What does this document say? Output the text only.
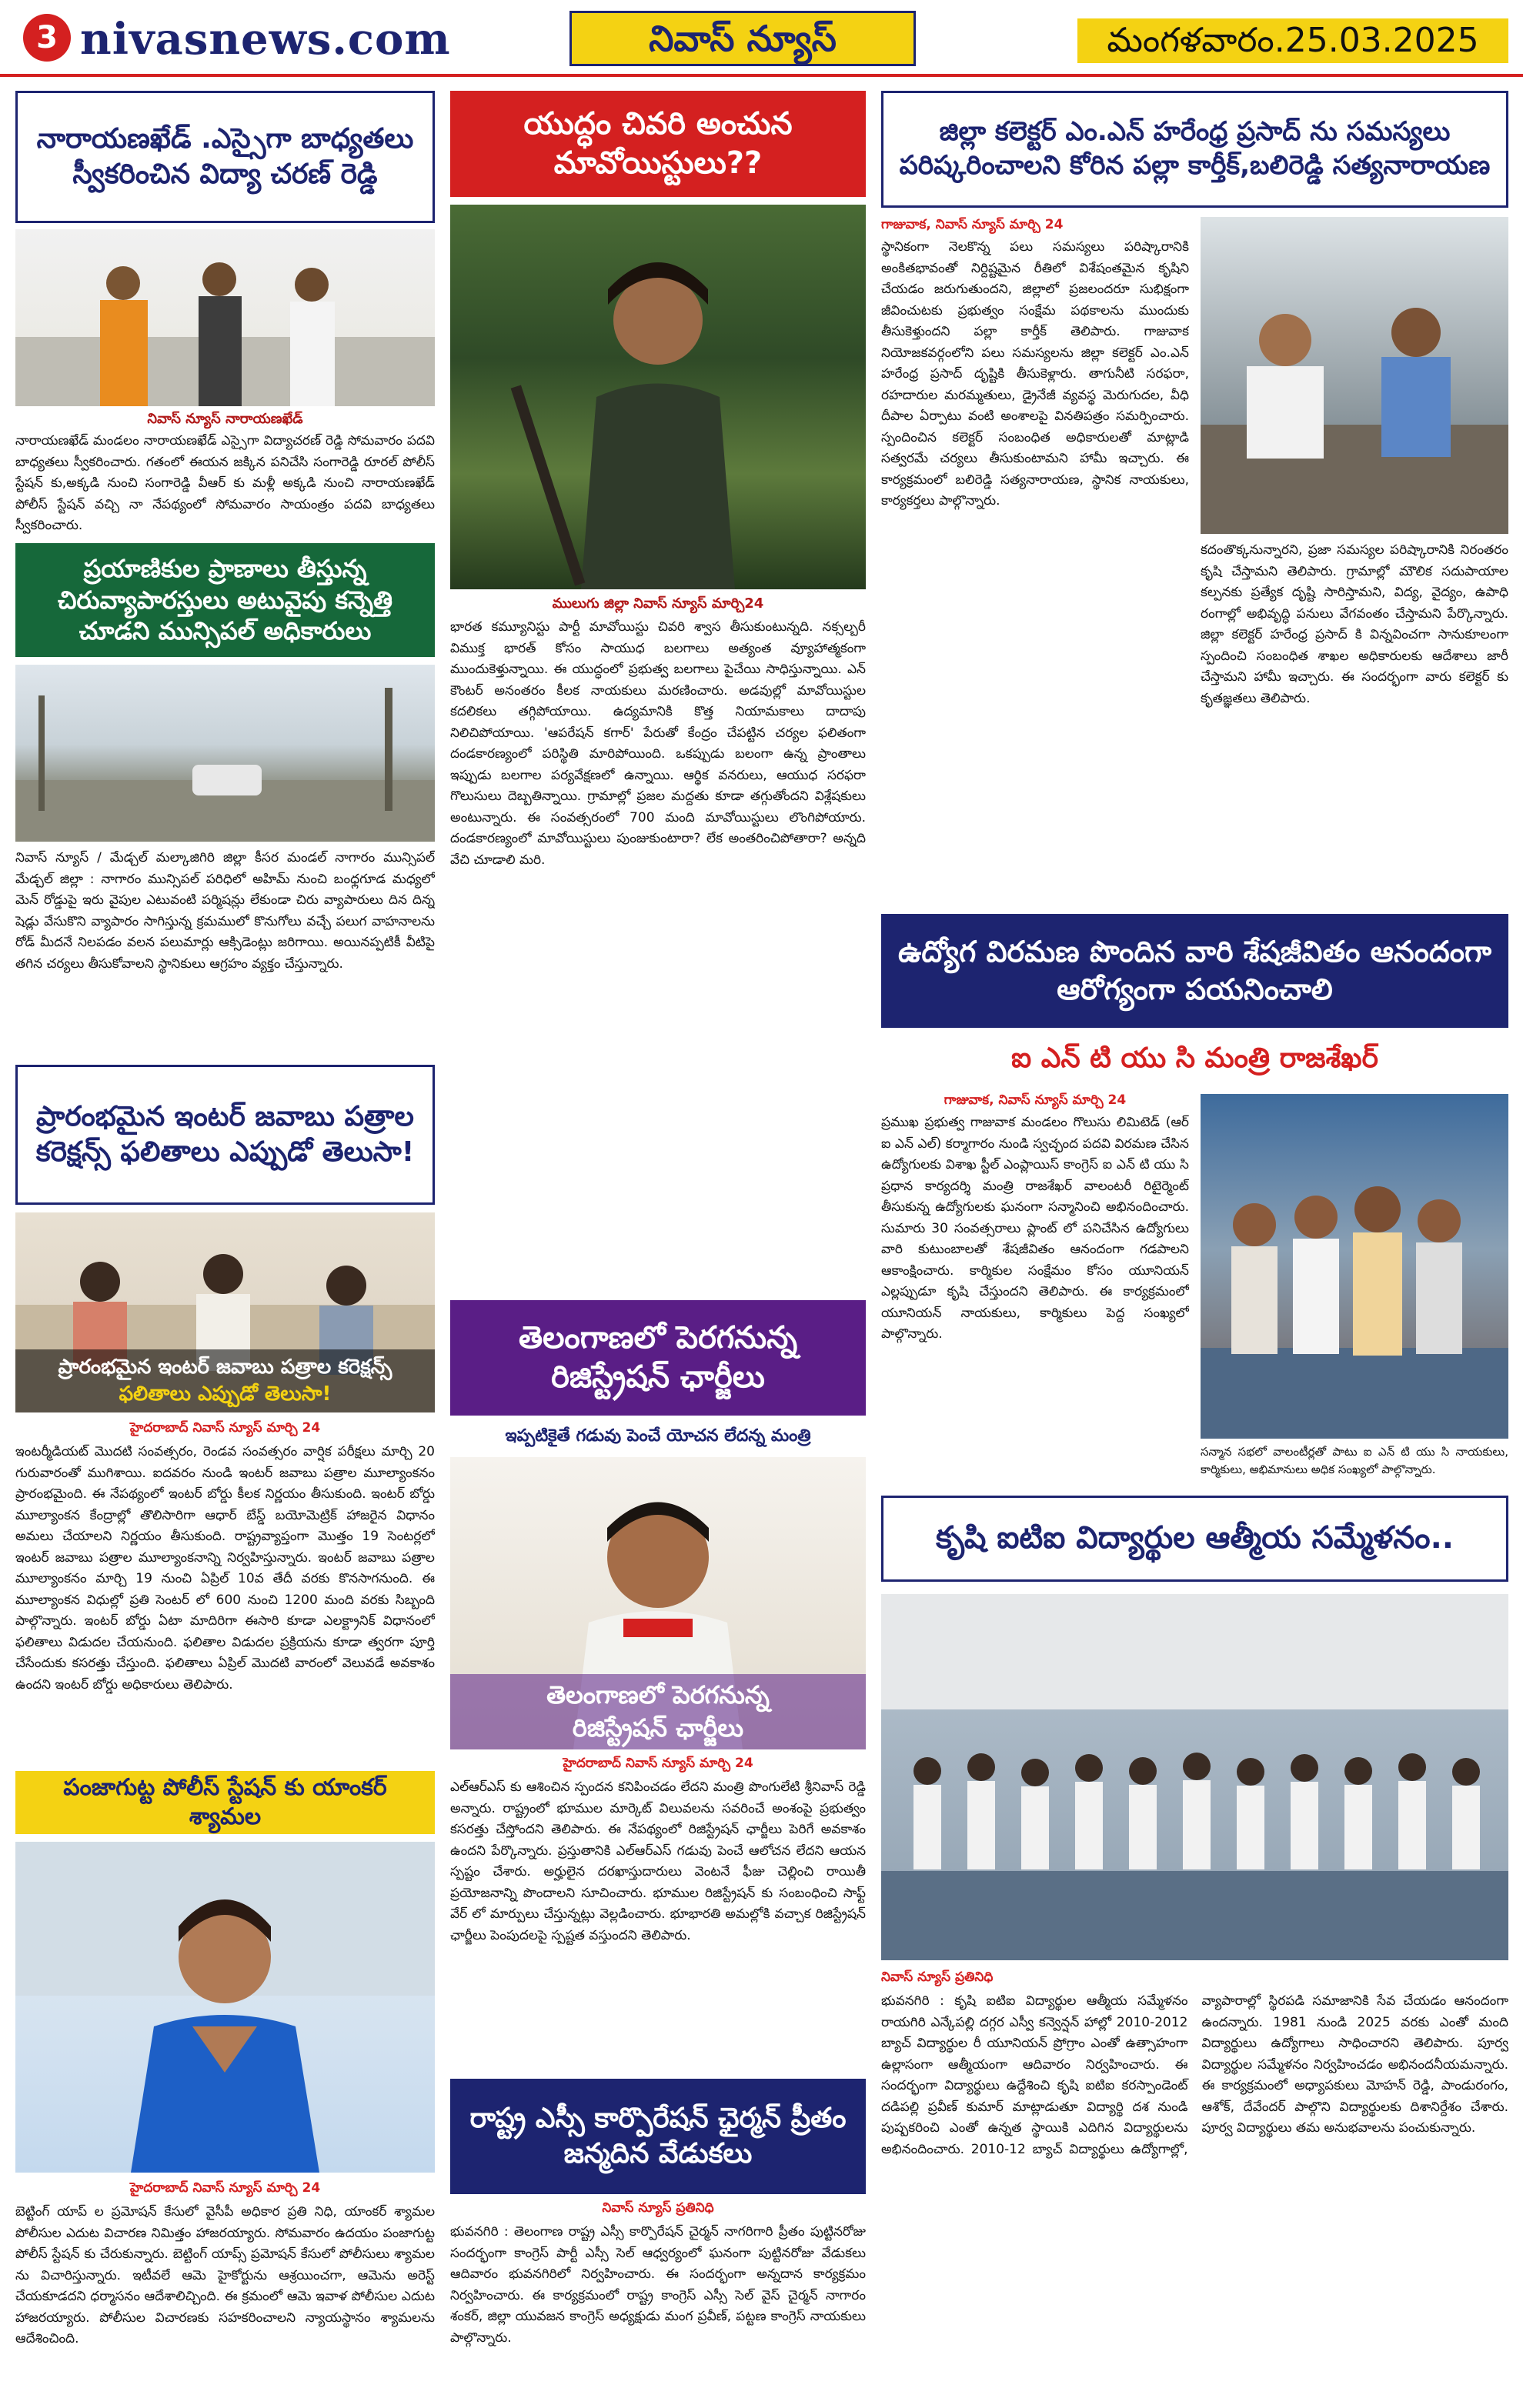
3 nivasnews.com	నివాస్ న్యూస్	మంగళవారం.25.03.2025
నారాయణఖేడ్ .ఎస్సైగా బాధ్యతలు స్వీకరించిన విద్యా చరణ్ రెడ్డి
నివాస్ న్యూస్ నారాయణఖేడ్
నారాయణఖేడ్ మండలం నారాయణఖేడ్ ఎస్సైగా విద్యాచరణ్ రెడ్డి సోమవారం పదవి బాధ్యతలు స్వీకరించారు. గతంలో ఈయన జక్కిన పనిచేసి సంగారెడ్డి రూరల్ పోలీస్ స్టేషన్ కు,అక్కడి నుంచి సంగారెడ్డి వీఆర్ కు మళ్లీ అక్కడి నుంచి నారాయణఖేడ్ పోలీస్ స్టేషన్ వచ్చి నా నేపథ్యంలో సోమవారం సాయంత్రం పదవి బాధ్యతలు స్వీకరించారు.
ప్రయాణికుల ప్రాణాలు తీస్తున్న చిరువ్యాపారస్తులు అటువైపు కన్నెత్తి చూడని మున్సిపల్ అధికారులు
నివాస్ న్యూస్ / మేడ్చల్ మల్కాజిగిరి జిల్లా కీసర మండల్ నాగారం మున్సిపల్ మేడ్చల్ జిల్లా : నాగారం మున్సిపల్ పరిధిలో అహిమ్ నుంచి బంధ్లగూడ మధ్యలో మెన్ రోడ్డుపై ఇరు వైపుల ఎటువంటి పర్మిషన్లు లేకుండా చిరు వ్యాపారులు దిన దిన్న షెడ్లు వేసుకొని వ్యాపారం సాగిస్తున్న క్రమములో కొనుగోలు వచ్చే పలుగ వాహనాలను రోడ్ మీదనే నిలపడం వలన పలుమార్లు ఆక్సిడెంట్లు జరిగాయి. అయినప్పటికీ వీటిపై తగిన చర్యలు తీసుకోవాలని స్థానికులు ఆగ్రహం వ్యక్తం చేస్తున్నారు.
ప్రారంభమైన ఇంటర్ జవాబు పత్రాల కరెక్షన్స్ ఫలితాలు ఎప్పుడో తెలుసా!
ప్రారంభమైన ఇంటర్ జవాబు పత్రాల కరెక్షన్స్
ఫలితాలు ఎప్పుడో తెలుసా!
హైదరాబాద్ నివాస్ న్యూస్ మార్చి 24
ఇంటర్మీడియట్ మొదటి సంవత్సరం, రెండవ సంవత్సరం వార్షిక పరీక్షలు మార్చి 20 గురువారంతో ముగిశాయి. ఐదవరం నుండి ఇంటర్ జవాబు పత్రాల మూల్యాంకనం ప్రారంభమైంది. ఈ నేపథ్యంలో ఇంటర్ బోర్డు కీలక నిర్ణయం తీసుకుంది. ఇంటర్ బోర్డు మూల్యాంకన కేంద్రాల్లో తొలిసారిగా ఆధార్ బేస్డ్ బయోమెట్రిక్ హాజరైన విధానం అమలు చేయాలని నిర్ణయం తీసుకుంది. రాష్ట్రవ్యాప్తంగా మొత్తం 19 సెంటర్లలో ఇంటర్ జవాబు పత్రాల మూల్యాంకనాన్ని నిర్వహిస్తున్నారు. ఇంటర్ జవాబు పత్రాల మూల్యాంకనం మార్చి 19 నుంచి ఏప్రిల్ 10వ తేదీ వరకు కొనసాగనుంది. ఈ మూల్యాంకన విధుల్లో ప్రతి సెంటర్ లో 600 నుంచి 1200 మంది వరకు సిబ్బంది పాల్గొన్నారు. ఇంటర్ బోర్డు ఏటా మాదిరిగా ఈసారి కూడా ఎలక్ట్రానిక్ విధానంలో ఫలితాలు విడుదల చేయనుంది. ఫలితాల విడుదల ప్రక్రియను కూడా త్వరగా పూర్తి చేసేందుకు కసరత్తు చేస్తుంది. ఫలితాలు ఏప్రిల్ మొదటి వారంలో వెలువడే అవకాశం ఉందని ఇంటర్ బోర్డు అధికారులు తెలిపారు.
పంజాగుట్ట పోలీస్ స్టేషన్ కు యాంకర్ శ్యామల
హైదరాబాద్ నివాస్ న్యూస్ మార్చి 24
బెట్టింగ్ యాప్ ల ప్రమోషన్ కేసులో వైసీపీ అధికార ప్రతి నిధి, యాంకర్ శ్యామల పోలీసుల ఎదుట విచారణ నిమిత్తం హాజరయ్యారు. సోమవారం ఉదయం పంజాగుట్ట పోలీస్ స్టేషన్ కు చేరుకున్నారు. బెట్టింగ్ యాప్స్ ప్రమోషన్ కేసులో పోలీసులు శ్యామల ను విచారిస్తున్నారు. ఇటీవలే ఆమె హైకోర్టును ఆశ్రయించగా, ఆమెను అరెస్ట్ చేయకూడదని ధర్మాసనం ఆదేశాలిచ్చింది. ఈ క్రమంలో ఆమె ఇవాళ పోలీసుల ఎదుట హాజరయ్యారు. పోలీసుల విచారణకు సహకరించాలని న్యాయస్థానం శ్యామలను ఆదేశించింది.
యుద్ధం చివరి అంచున మావోయిస్టులు??
ములుగు జిల్లా నివాస్ న్యూస్ మార్చి24
భారత కమ్యూనిస్టు పార్టీ మావోయిస్టు చివరి శ్వాస తీసుకుంటున్నది. నక్సల్బరీ విముక్త భారత్ కోసం సాయుధ బలగాలు అత్యంత వ్యూహాత్మకంగా ముందుకెళ్తున్నాయి. ఈ యుద్ధంలో ప్రభుత్వ బలగాలు పైచేయి సాధిస్తున్నాయి. ఎన్ కౌంటర్ అనంతరం కీలక నాయకులు మరణించారు. అడవుల్లో మావోయిస్టుల కదలికలు తగ్గిపోయాయి. ఉద్యమానికి కొత్త నియామకాలు దాదాపు నిలిచిపోయాయి. 'ఆపరేషన్ కగార్' పేరుతో కేంద్రం చేపట్టిన చర్యల ఫలితంగా దండకారణ్యంలో పరిస్థితి మారిపోయింది. ఒకప్పుడు బలంగా ఉన్న ప్రాంతాలు ఇప్పుడు బలగాల పర్యవేక్షణలో ఉన్నాయి. ఆర్థిక వనరులు, ఆయుధ సరఫరా గొలుసులు దెబ్బతిన్నాయి. గ్రామాల్లో ప్రజల మద్దతు కూడా తగ్గుతోందని విశ్లేషకులు అంటున్నారు. ఈ సంవత్సరంలో 700 మంది మావోయిస్టులు లొంగిపోయారు. దండకారణ్యంలో మావోయిస్టులు పుంజుకుంటారా? లేక అంతరించిపోతారా? అన్నది వేచి చూడాలి మరి.
తెలంగాణలో పెరగనున్న రిజిస్ట్రేషన్ ఛార్జీలు
ఇప్పటికైతే గడువు పెంచే యోచన లేదన్న మంత్రి
తెలంగాణలో పెరగనున్న
రిజిస్ట్రేషన్ ఛార్జీలు
హైదరాబాద్ నివాస్ న్యూస్ మార్చి 24
ఎల్ఆర్ఎస్ కు ఆశించిన స్పందన కనిపించడం లేదని మంత్రి పొంగులేటి శ్రీనివాస్ రెడ్డి అన్నారు. రాష్ట్రంలో భూముల మార్కెట్ విలువలను సవరించే అంశంపై ప్రభుత్వం కసరత్తు చేస్తోందని తెలిపారు. ఈ నేపథ్యంలో రిజిస్ట్రేషన్ ఛార్జీలు పెరిగే అవకాశం ఉందని పేర్కొన్నారు. ప్రస్తుతానికి ఎల్ఆర్ఎస్ గడువు పెంచే ఆలోచన లేదని ఆయన స్పష్టం చేశారు. అర్హులైన దరఖాస్తుదారులు వెంటనే ఫీజు చెల్లించి రాయితీ ప్రయోజనాన్ని పొందాలని సూచించారు. భూముల రిజిస్ట్రేషన్ కు సంబంధించి సాఫ్ట్ వేర్ లో మార్పులు చేస్తున్నట్లు వెల్లడించారు. భూభారతి అమల్లోకి వచ్చాక రిజిస్ట్రేషన్ ఛార్జీలు పెంపుదలపై స్పష్టత వస్తుందని తెలిపారు.
రాష్ట్ర ఎస్సీ కార్పొరేషన్ ఛైర్మన్ ప్రీతం జన్మదిన వేడుకలు
నివాస్ న్యూస్ ప్రతినిధి
భువనగిరి : తెలంగాణ రాష్ట్ర ఎస్సీ కార్పొరేషన్ చైర్మన్ నాగరిగారి ప్రీతం పుట్టినరోజు సందర్భంగా కాంగ్రెస్ పార్టీ ఎస్సీ సెల్ ఆధ్వర్యంలో ఘనంగా పుట్టినరోజు వేడుకలు ఆదివారం భువనగిరిలో నిర్వహించారు. ఈ సందర్భంగా అన్నదాన కార్యక్రమం నిర్వహించారు. ఈ కార్యక్రమంలో రాష్ట్ర కాంగ్రెస్ ఎస్సీ సెల్ వైస్ చైర్మన్ నాగారం శంకర్, జిల్లా యువజన కాంగ్రెస్ అధ్యక్షుడు మంగ ప్రవీణ్, పట్టణ కాంగ్రెస్ నాయకులు పాల్గొన్నారు.
జిల్లా కలెక్టర్ ఎం.ఎన్ హరేంధ్ర ప్రసాద్ ను సమస్యలు పరిష్కరించాలని కోరిన పల్లా కార్తీక్,బలిరెడ్డి సత్యనారాయణ
గాజువాక, నివాస్ న్యూస్ మార్చి 24
స్థానికంగా నెలకొన్న పలు సమస్యలు పరిష్కారానికి అంకితభావంతో నిర్దిష్టమైన రీతిలో విశేషంతమైన కృషిని చేయడం జరుగుతుందని, జిల్లాలో ప్రజలందరూ సుభిక్షంగా జీవించుటకు ప్రభుత్వం సంక్షేమ పథకాలను ముందుకు తీసుకెళ్తుందని పల్లా కార్తీక్ తెలిపారు. గాజువాక నియోజకవర్గంలోని పలు సమస్యలను జిల్లా కలెక్టర్ ఎం.ఎన్ హరేంధ్ర ప్రసాద్ దృష్టికి తీసుకెళ్లారు. తాగునీటి సరఫరా, రహదారుల మరమ్మతులు, డ్రైనేజీ వ్యవస్థ మెరుగుదల, వీధి దీపాల ఏర్పాటు వంటి అంశాలపై వినతిపత్రం సమర్పించారు. స్పందించిన కలెక్టర్ సంబంధిత అధికారులతో మాట్లాడి సత్వరమే చర్యలు తీసుకుంటామని హామీ ఇచ్చారు. ఈ కార్యక్రమంలో బలిరెడ్డి సత్యనారాయణ, స్థానిక నాయకులు, కార్యకర్తలు పాల్గొన్నారు.
కదంతొక్కనున్నారని, ప్రజా సమస్యల పరిష్కారానికి నిరంతరం కృషి చేస్తామని తెలిపారు. గ్రామాల్లో మౌలిక సదుపాయాల కల్పనకు ప్రత్యేక దృష్టి సారిస్తామని, విద్య, వైద్యం, ఉపాధి రంగాల్లో అభివృద్ధి పనులు వేగవంతం చేస్తామని పేర్కొన్నారు. జిల్లా కలెక్టర్ హరేంధ్ర ప్రసాద్ కి విన్నవించగా సానుకూలంగా స్పందించి సంబంధిత శాఖల అధికారులకు ఆదేశాలు జారీ చేస్తామని హామీ ఇచ్చారు. ఈ సందర్భంగా వారు కలెక్టర్ కు కృతజ్ఞతలు తెలిపారు.
ఉద్యోగ విరమణ పొందిన వారి శేషజీవితం ఆనందంగా ఆరోగ్యంగా పయనించాలి
ఐ ఎన్ టి యు సి మంత్రి రాజశేఖర్
గాజువాక, నివాస్ న్యూస్ మార్చి 24
ప్రముఖ ప్రభుత్వ గాజువాక మండలం గొలుసు లిమిటెడ్ (ఆర్ ఐ ఎన్ ఎల్) కర్మాగారం నుండి స్వచ్ఛంద పదవి విరమణ చేసిన ఉద్యోగులకు విశాఖ స్టీల్ ఎంప్లాయిస్ కాంగ్రెస్ ఐ ఎన్ టి యు సి ప్రధాన కార్యదర్శి మంత్రి రాజశేఖర్ వాలంటరీ రిటైర్మెంట్ తీసుకున్న ఉద్యోగులకు ఘనంగా సన్మానించి అభినందించారు. సుమారు 30 సంవత్సరాలు ప్లాంట్ లో పనిచేసిన ఉద్యోగులు వారి కుటుంబాలతో శేషజీవితం ఆనందంగా గడపాలని ఆకాంక్షించారు. కార్మికుల సంక్షేమం కోసం యూనియన్ ఎల్లప్పుడూ కృషి చేస్తుందని తెలిపారు. ఈ కార్యక్రమంలో యూనియన్ నాయకులు, కార్మికులు పెద్ద సంఖ్యలో పాల్గొన్నారు.
సన్మాన సభలో వాలంటీర్లతో పాటు ఐ ఎన్ టి యు సి నాయకులు, కార్మికులు, అభిమానులు అధిక సంఖ్యలో పాల్గొన్నారు.
కృషి ఐటిఐ విద్యార్థుల ఆత్మీయ సమ్మేళనం..
నివాస్ న్యూస్ ప్రతినిధి
భువనగిరి : కృషి ఐటిఐ విద్యార్థుల ఆత్మీయ సమ్మేళనం రాయగిరి ఎన్కేపల్లి దగ్గర ఎస్వీ కన్వెన్షన్ హాల్లో 2010-2012 బ్యాచ్ విద్యార్థుల రీ యూనియన్ ప్రోగ్రాం ఎంతో ఉత్సాహంగా ఉల్లాసంగా ఆత్మీయంగా ఆదివారం నిర్వహించారు. ఈ సందర్భంగా విద్యార్థులు ఉద్దేశించి కృషి ఐటిఐ కరస్పాండెంట్ దడిపల్లి ప్రవీణ్ కుమార్ మాట్లాడుతూ విద్యార్థి దశ నుండి పుష్పకరించి ఎంతో ఉన్నత స్థాయికి ఎదిగిన విద్యార్థులను అభినందించారు. 2010-12 బ్యాచ్ విద్యార్థులు ఉద్యోగాల్లో, వ్యాపారాల్లో స్థిరపడి సమాజానికి సేవ చేయడం ఆనందంగా ఉందన్నారు. 1981 నుండి 2025 వరకు ఎంతో మంది విద్యార్థులు ఉద్యోగాలు సాధించారని తెలిపారు. పూర్వ విద్యార్థుల సమ్మేళనం నిర్వహించడం అభినందనీయమన్నారు. ఈ కార్యక్రమంలో అధ్యాపకులు మోహన్ రెడ్డి, పాండురంగం, ఆశోక్, దేవేందర్ పాల్గొని విద్యార్థులకు దిశానిర్దేశం చేశారు. పూర్వ విద్యార్థులు తమ అనుభవాలను పంచుకున్నారు.
